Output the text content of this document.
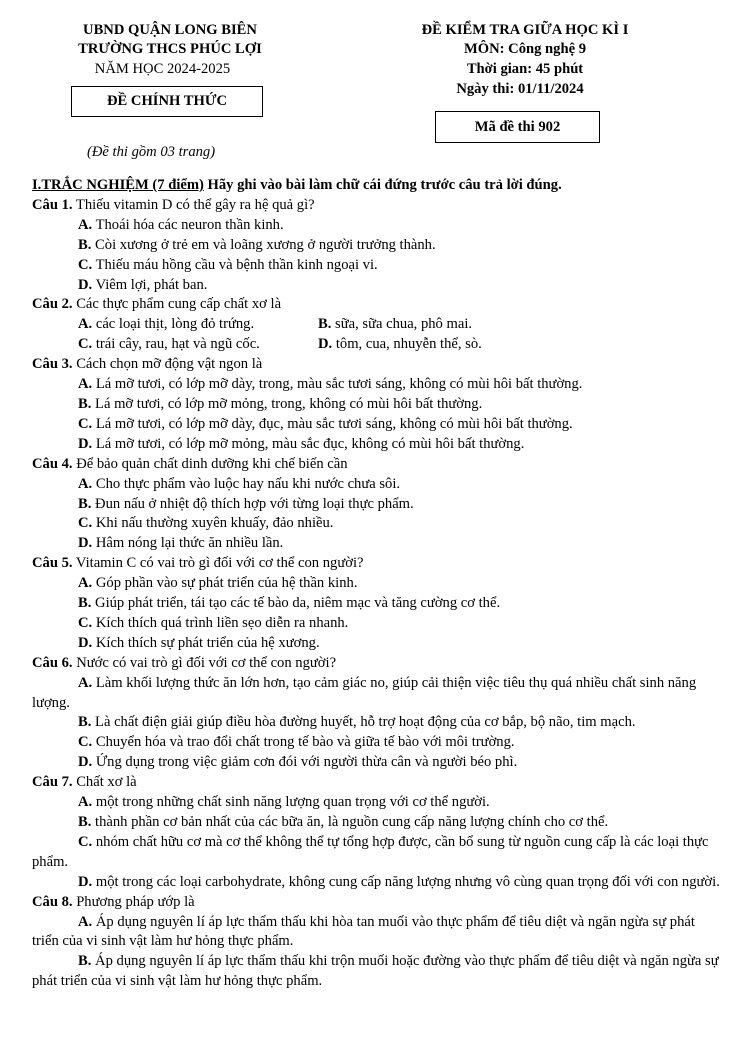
UBND QUẬN LONG BIÊN
TRƯỜNG THCS PHÚC LỢI
NĂM HỌC 2024-2025
ĐỀ CHÍNH THỨC
(Đề thi gồm 03 trang)
ĐỀ KIỂM TRA GIỮA HỌC KÌ I
MÔN: Công nghệ 9
Thời gian: 45 phút
Ngày thi: 01/11/2024
Mã đề thi 902
I.TRẮC NGHIỆM (7 điểm) Hãy ghi vào bài làm chữ cái đứng trước câu trả lời đúng.
Câu 1. Thiếu vitamin D có thể gây ra hệ quả gì?
A. Thoái hóa các neuron thần kinh.
B. Còi xương ở trẻ em và loãng xương ở người trưởng thành.
C. Thiếu máu hồng cầu và bệnh thần kinh ngoại vi.
D. Viêm lợi, phát ban.
Câu 2. Các thực phẩm cung cấp chất xơ là
A. các loại thịt, lòng đỏ trứng.	B. sữa, sữa chua, phô mai.
C. trái cây, rau, hạt và ngũ cốc.	D. tôm, cua, nhuyễn thể, sò.
Câu 3. Cách chọn mỡ động vật ngon là
A. Lá mỡ tươi, có lớp mỡ dày, trong, màu sắc tươi sáng, không có mùi hôi bất thường.
B. Lá mỡ tươi, có lớp mỡ mỏng, trong, không có mùi hôi bất thường.
C. Lá mỡ tươi, có lớp mỡ dày, đục, màu sắc tươi sáng, không có mùi hôi bất thường.
D. Lá mỡ tươi, có lớp mỡ mỏng, màu sắc đục, không có mùi hôi bất thường.
Câu 4. Để bảo quản chất dinh dưỡng khi chế biến cần
A. Cho thực phẩm vào luộc hay nấu khi nước chưa sôi.
B. Đun nấu ở nhiệt độ thích hợp với từng loại thực phẩm.
C. Khi nấu thường xuyên khuấy, đảo nhiều.
D. Hâm nóng lại thức ăn nhiều lần.
Câu 5. Vitamin C có vai trò gì đối với cơ thể con người?
A. Góp phần vào sự phát triển của hệ thần kinh.
B. Giúp phát triển, tái tạo các tế bào da, niêm mạc và tăng cường cơ thể.
C. Kích thích quá trình liền sẹo diễn ra nhanh.
D. Kích thích sự phát triển của hệ xương.
Câu 6. Nước có vai trò gì đối với cơ thể con người?
A. Làm khối lượng thức ăn lớn hơn, tạo cảm giác no, giúp cải thiện việc tiêu thụ quá nhiều chất sinh năng lượng.
B. Là chất điện giải giúp điều hòa đường huyết, hỗ trợ hoạt động của cơ bắp, bộ não, tim mạch.
C. Chuyển hóa và trao đổi chất trong tế bào và giữa tế bào với môi trường.
D. Ứng dụng trong việc giảm cơn đói với người thừa cân và người béo phì.
Câu 7. Chất xơ là
A. một trong những chất sinh năng lượng quan trọng với cơ thể người.
B. thành phần cơ bản nhất của các bữa ăn, là nguồn cung cấp năng lượng chính cho cơ thể.
C. nhóm chất hữu cơ mà cơ thể không thể tự tổng hợp được, cần bổ sung từ nguồn cung cấp là các loại thực phẩm.
D. một trong các loại carbohydrate, không cung cấp năng lượng nhưng vô cùng quan trọng đối với con người.
Câu 8. Phương pháp ướp là
A. Áp dụng nguyên lí áp lực thẩm thấu khi hòa tan muối vào thực phẩm để tiêu diệt và ngăn ngừa sự phát triển của vi sinh vật làm hư hỏng thực phẩm.
B. Áp dụng nguyên lí áp lực thẩm thấu khi trộn muối hoặc đường vào thực phẩm để tiêu diệt và ngăn ngừa sự phát triển của vi sinh vật làm hư hỏng thực phẩm.
